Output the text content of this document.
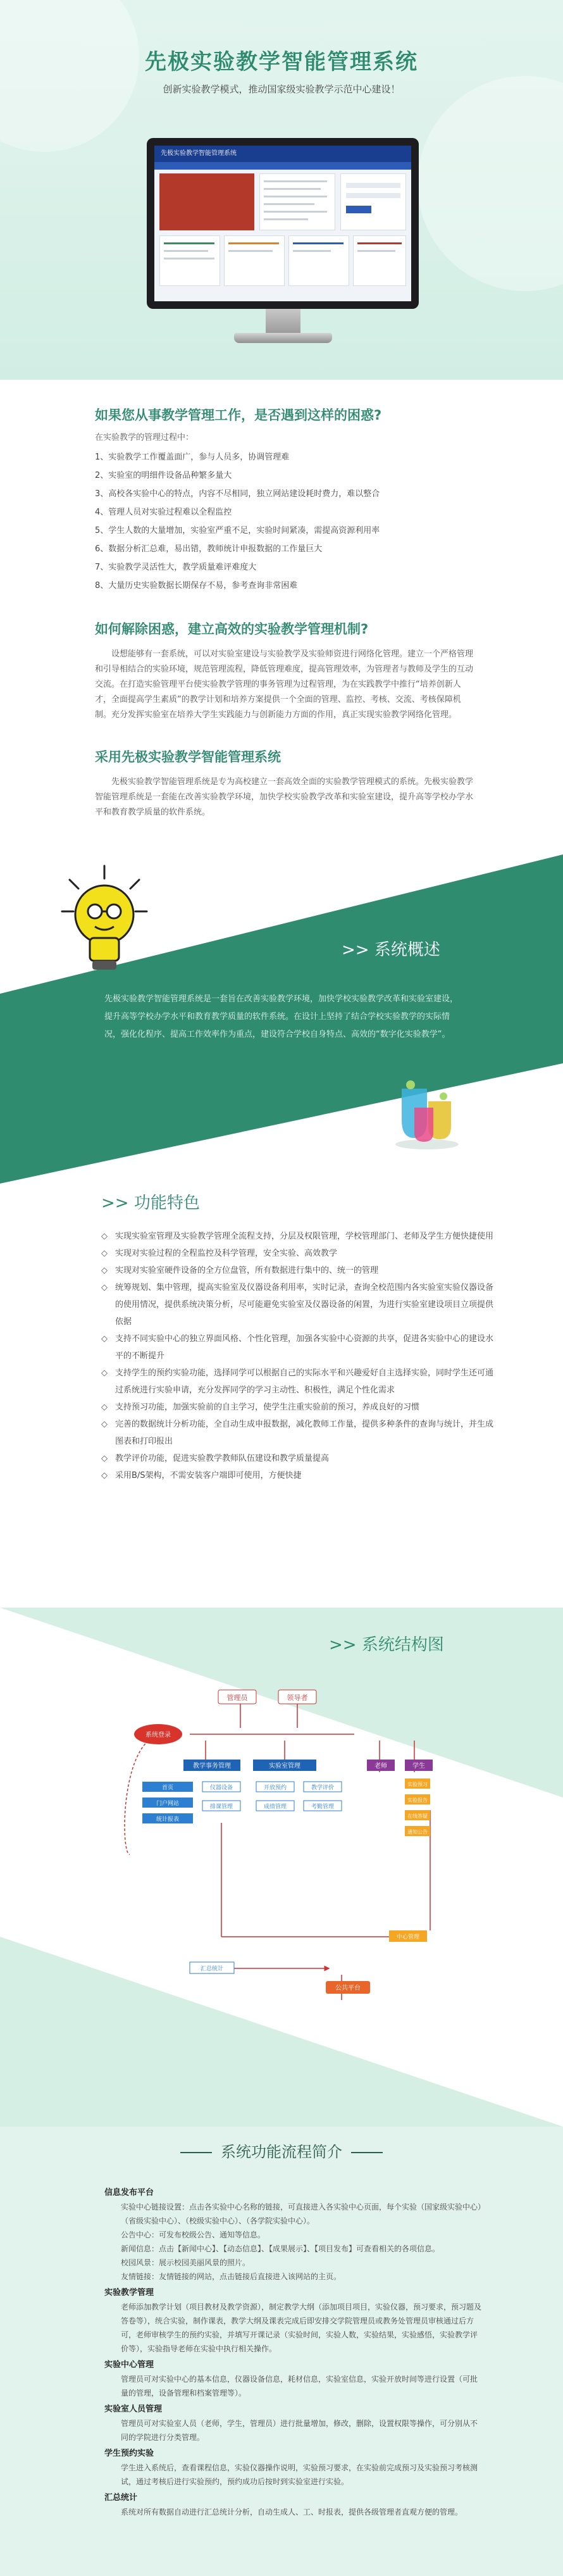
先极实验教学智能管理系统
创新实验教学模式，推动国家级实验教学示范中心建设！
先极实验教学智能管理系统
如果您从事教学管理工作，是否遇到这样的困惑?
在实验教学的管理过程中：
1、实验教学工作覆盖面广，参与人员多，协调管理难
2、实验室的明细件设备品种繁多量大
3、高校各实验中心的特点，内容不尽相同，独立网站建设耗时费力，难以整合
4、管理人员对实验过程难以全程监控
5、学生人数的大量增加，实验室严重不足，实验时间紧凑，需提高资源利用率
6、数据分析汇总难，易出错，教师统计申报数据的工作量巨大
7、实验教学灵活性大，教学质量难评难度大
8、大量历史实验数据长期保存不易，参考查询非常困难
如何解除困惑，建立高效的实验教学管理机制?
设想能够有一套系统，可以对实验室建设与实验教学及实验师资进行网络化管理。建立一个严格管理和引导相结合的实验环境，规范管理流程，降低管理难度，提高管理效率，为管理者与教师及学生的互动交流。在打造实验管理平台使实验教学管理的事务管理为过程管理，为在实践教学中推行“培养创新人才，全面提高学生素质”的教学计划和培养方案提供一个全面的管理、监控、考核、交流、考核保障机制。充分发挥实验室在培养大学生实践能力与创新能力方面的作用，真正实现实验教学网络化管理。
采用先极实验教学智能管理系统
先极实验教学智能管理系统是专为高校建立一套高效全面的实验教学管理模式的系统。先极实验教学智能管理系统是一套能在改善实验教学环境，加快学校实验教学改革和实验室建设，提升高等学校办学水平和教育教学质量的软件系统。
>> 系统概述
先极实验教学智能管理系统是一套旨在改善实验教学环境，加快学校实验教学改革和实验室建设，提升高等学校办学水平和教育教学质量的软件系统。在设计上坚持了结合学校实验教学的实际情况，强化化程序、提高工作效率作为重点，建设符合学校自身特点、高效的“数字化实验教学”。
>> 功能特色
◇ 实现实验室管理及实验教学管理全流程支持，分层及权限管理，学校管理部门、老师及学生方便快捷使用
◇ 实现对实验过程的全程监控及科学管理，安全实验、高效教学
◇ 实现对实验室硬件设备的全方位盘管，所有数据进行集中的、统一的管理
◇ 统筹规划、集中管理，提高实验室及仪器设备利用率，实时记录，查询全校范围内各实验室实验仪器设备的使用情况，提供系统决策分析，尽可能避免实验室及仪器设备的闲置，为进行实验室建设项目立项提供依据
◇ 支持不同实验中心的独立界面风格、个性化管理，加强各实验中心资源的共享，促进各实验中心的建设水平的不断提升
◇ 支持学生的预约实验功能，选择同学可以根据自己的实际水平和兴趣爱好自主选择实验，同时学生还可通过系统进行实验申请，充分发挥同学的学习主动性、积极性，满足个性化需求
◇ 支持预习功能，加强实验前的自主学习，使学生注重实验前的预习，养成良好的习惯
◇ 完善的数据统计分析功能，全自动生成申报数据，减化教师工作量，提供多种条件的查询与统计，并生成图表和打印报出
◇ 教学评价功能，促进实验教学教师队伍建设和教学质量提高
◇ 采用B/S架构，不需安装客户端即可使用，方便快捷
>> 系统结构图
管理员	领导者
系统登录
教学事务管理	实验室管理	老师	学生
首页
门户网站
统计报表
仪器设备
排课管理
开放预约
成绩管理
教学评价
考勤管理
实验预习
实验报告
在线答疑
通知公告
汇总统计
公共平台
中心管理
系统功能流程简介
信息发布平台
实验中心链接设置：点击各实验中心名称的链接，可直接进入各实验中心页面，每个实验（国家级实验中心）（省级实验中心）、（校级实验中心）、（各学院实验中心）。
公告中心：可发布校级公告、通知等信息。
新闻信息：点击【新闻中心】、【动态信息】、【成果展示】、【项目发布】可查看相关的各项信息。
校园风景：展示校园美丽风景的照片。
友情链接：友情链接的网站，点击链接后直接进入该网站的主页。
实验教学管理
老师添加教学计划（项目教材及教学资源），制定教学大纲（添加项目项目，实验仪器，预习要求，预习题及答卷等），统合实验，制作课表，教学大纲及课表完成后即安排交学院管理员或教务处管理员审核通过后方可，老师审核学生的预约实验，并填写开课记录（实验时间，实验人数，实验结果，实验感悟，实验教学评价等），实验指导老师在实验中执行相关操作。
实验中心管理
管理员可对实验中心的基本信息，仪器设备信息，耗材信息，实验室信息，实验开放时间等进行设置（可批量的管理，设备管理和档案管理等）。
实验室人员管理
管理员可对实验室人员（老师，学生，管理员）进行批量增加，修改，删除，设置权限等操作，可分别从不同的学院进行分类管理。
学生预约实验
学生进入系统后，查看课程信息，实验仪器操作说明，实验预习要求，在实验前完成预习及实验预习考核测试，通过考核后进行实验预约，预约成功后按时到实验室进行实验。
汇总统计
系统对所有数据自动进行汇总统计分析，自动生成人、工、时报表，提供各级管理者直观方便的管理。
